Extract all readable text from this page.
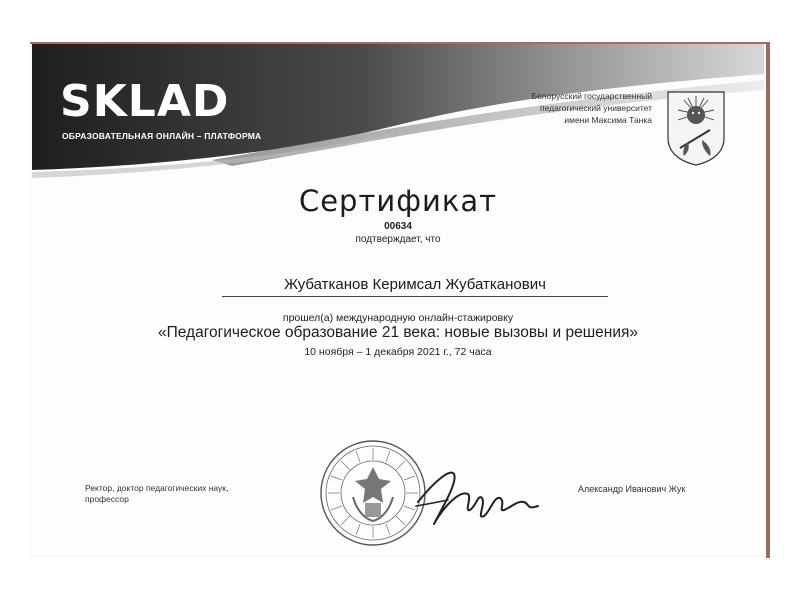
SKLAD
ОБРАЗОВАТЕЛЬНАЯ ОНЛАЙН – ПЛАТФОРМА
Белорусский государственный
педагогический университет
имени Максима Танка
Сертификат
00634
подтверждает, что
Жубатканов Керимсал Жубатканович
прошел(а) международную онлайн-стажировку
«Педагогическое образование 21 века: новые вызовы и решения»
10 ноября – 1 декабря 2021 г., 72 часа
Ректор, доктор педагогических наук,
профессор
Александр Иванович Жук
